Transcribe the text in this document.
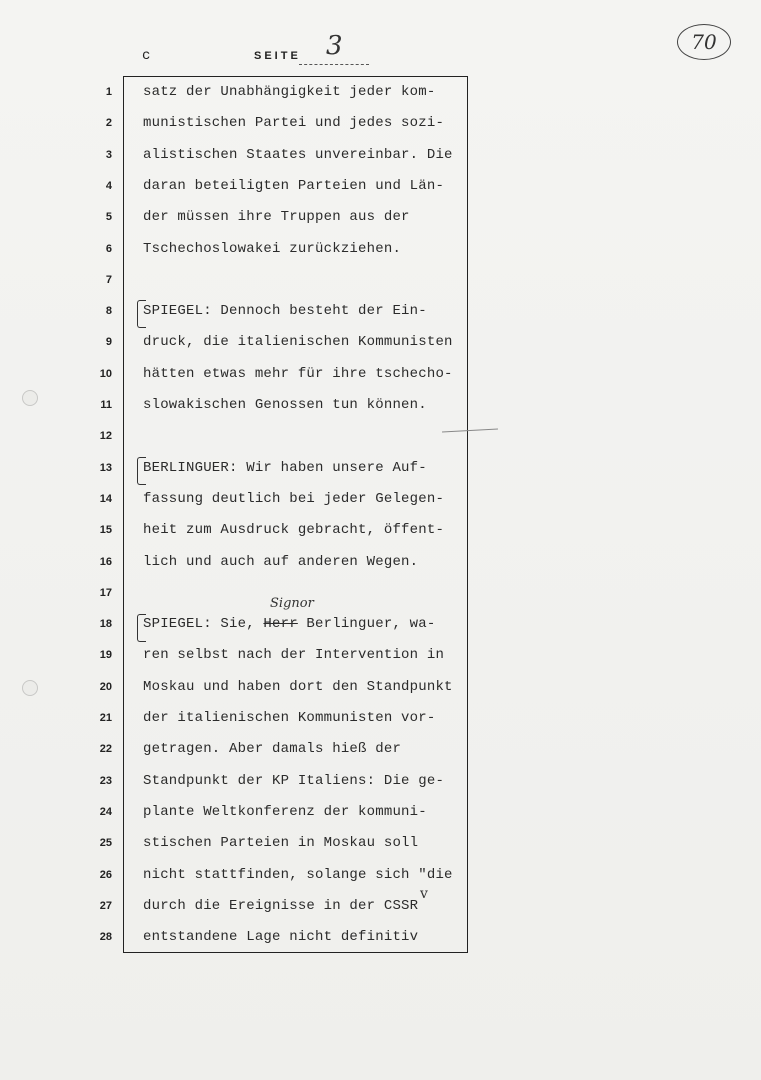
c	SEITE 3	70
Signor
v
1 satz der Unabhängigkeit jeder kom-
2 munistischen Partei und jedes sozi-
3 alistischen Staates unvereinbar. Die
4 daran beteiligten Parteien und Län-
5 der müssen ihre Truppen aus der
6 Tschechoslowakei zurückziehen.
7
8 SPIEGEL: Dennoch besteht der Ein-
9 druck, die italienischen Kommunisten
10 hätten etwas mehr für ihre tschecho-
11 slowakischen Genossen tun können.
12
13 BERLINGUER: Wir haben unsere Auf-
14 fassung deutlich bei jeder Gelegen-
15 heit zum Ausdruck gebracht, öffent-
16 lich und auch auf anderen Wegen.
17
18 SPIEGEL: Sie, Herr Berlinguer, wa-
19 ren selbst nach der Intervention in
20 Moskau und haben dort den Standpunkt
21 der italienischen Kommunisten vor-
22 getragen. Aber damals hieß der
23 Standpunkt der KP Italiens: Die ge-
24 plante Weltkonferenz der kommuni-
25 stischen Parteien in Moskau soll
26 nicht stattfinden, solange sich "die
27 durch die Ereignisse in der CSSR
28 entstandene Lage nicht definitiv
